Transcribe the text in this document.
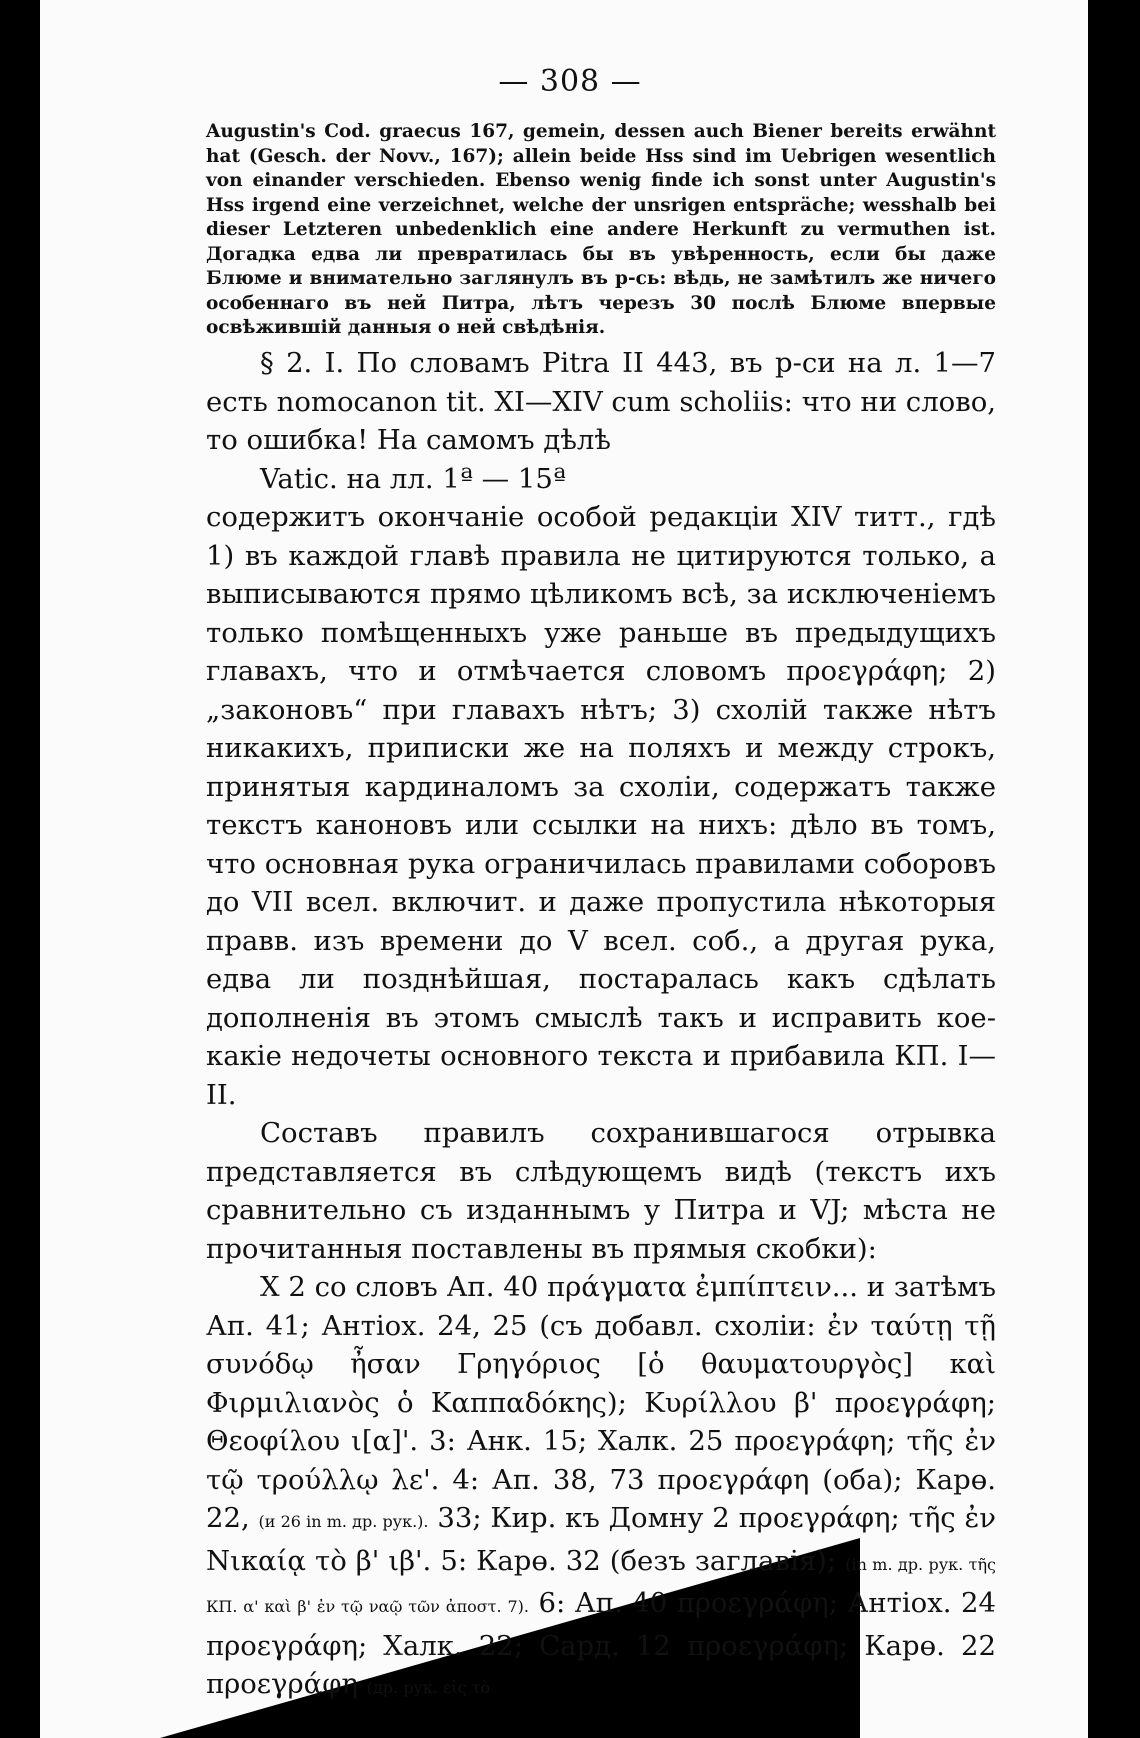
— 308 —

Augustin's Cod. graecus 167, gemein, dessen auch Biener bereits erwähnt hat (Gesch. der Novv., 167); allein beide Hss sind im Uebrigen wesentlich von einander verschieden. Ebenso wenig finde ich sonst unter Augustin's Hss irgend eine verzeichnet, welche der unsrigen entspräche; wesshalb bei dieser Letzteren unbedenklich eine andere Herkunft zu vermuthen ist. Догадка едва ли превратилась бы въ увѣренность, если бы даже Блюме и внимательно заглянулъ въ р-сь: вѣдь, не замѣтилъ же ничего особеннаго въ ней Питра, лѣтъ черезъ 30 послѣ Блюме впервые освѣжившій данныя о ней свѣдѣнія.

§ 2. I. По словамъ Pitra II 443, въ р-си на л. 1—7 есть nomocanon tit. XI—XIV cum scholiis: что ни слово, то ошибка! На самомъ дѣлѣ

Vatic. на лл. 1ª — 15ª

содержитъ окончаніе особой редакціи XIV титт., гдѣ 1) въ каждой главѣ правила не цитируются только, а выписываются прямо цѣликомъ всѣ, за исключеніемъ только помѣщенныхъ уже раньше въ предыдущихъ главахъ, что и отмѣчается словомъ προεγράφη; 2) „законовъ“ при главахъ нѣтъ; 3) схолій также нѣтъ никакихъ, приписки же на поляхъ и между строкъ, принятыя кардиналомъ за схоліи, содержатъ также текстъ каноновъ или ссылки на нихъ: дѣло въ томъ, что основная рука ограничилась правилами соборовъ до VII всел. включит. и даже пропустила нѣкоторыя правв. изъ времени до V всел. соб., а другая рука, едва ли позднѣйшая, постаралась какъ сдѣлать дополненія въ этомъ смыслѣ такъ и исправить кое-какіе недочеты основного текста и прибавила КП. I—II.

Составъ правилъ сохранившагося отрывка представляется въ слѣдующемъ видѣ (текстъ ихъ сравнительно съ изданнымъ у Питра и VJ; мѣста не прочитанныя поставлены въ прямыя скобки):

X 2 со словъ Ап. 40 πράγματα ἐμπίπτειν... и затѣмъ Ап. 41; Антіох. 24, 25 (съ добавл. схоліи: ἐν ταύτῃ τῇ συνόδῳ ἦσαν Γρηγόριος [ὁ θαυματουργὸς] καὶ Φιρμιλιανὸς ὁ Καππαδόκης); Κυρίλλου β' προεγράφη; Θεοφίλου ι[α]'. 3: Анк. 15; Халк. 25 προεγράφη; τῆς ἐν τῷ τρούλλῳ λε'. 4: Ап. 38, 73 προεγράφη (оба); Карө. 22, (и 26 in m. др. рук.). 33; Кир. къ Домну 2 προεγράφη; τῆς ἐν Νικαίᾳ τὸ β' ιβ'. 5: Карө. 32 (безъ заглавія); (in m. др. рук. τῆς КП. α' καὶ β' ἐν τῷ ναῷ τῶν ἀποστ. 7). 6: Ап. 40 προεγράφη; Антіох. 24 προεγράφη; Халк. 22; Сард. 12 προεγράφη; Карө. 22 προεγράφη (др. рук. εἰς τὸ
